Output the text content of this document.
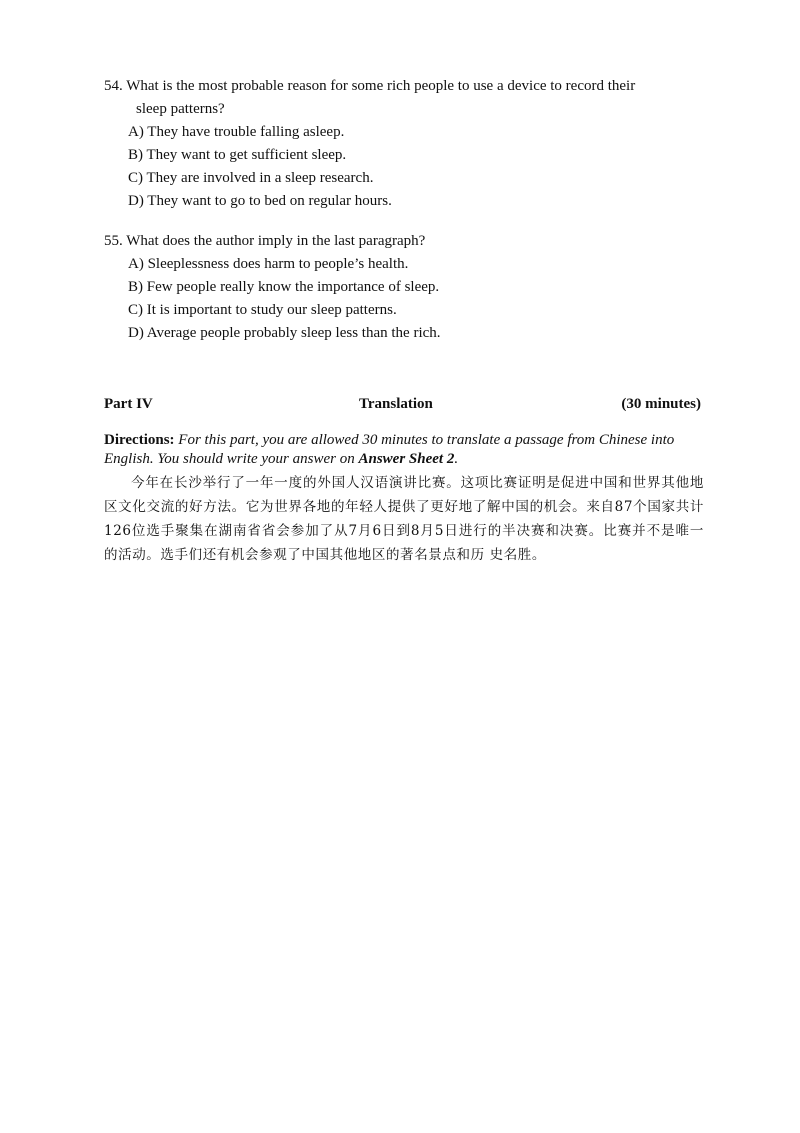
54. What is the most probable reason for some rich people to use a device to record their
sleep patterns?

A) They have trouble falling asleep.
B) They want to get sufficient sleep.
C) They are involved in a sleep research.
D) They want to go to bed on regular hours.

55. What does the author imply in the last paragraph?

A) Sleeplessness does harm to people’s health.
B) Few people really know the importance of sleep.
C) It is important to study our sleep patterns.
D) Average people probably sleep less than the rich.
Part IV	Translation	(30 minutes)

Directions: For this part, you are allowed 30 minutes to translate a passage from Chinese into English. You should write your answer on Answer Sheet 2.

今年在长沙举行了一年一度的外国人汉语演讲比赛。这项比赛证明是促进中国和世界其他地区文化交流的好方法。它为世界各地的年轻人提供了更好地了解中国的机会。来自87个国家共计126位选手聚集在湖南省省会参加了从7月6日到8月5日进行的半决赛和决赛。比赛并不是唯一的活动。选手们还有机会参观了中国其他地区的著名景点和历 史名胜。
